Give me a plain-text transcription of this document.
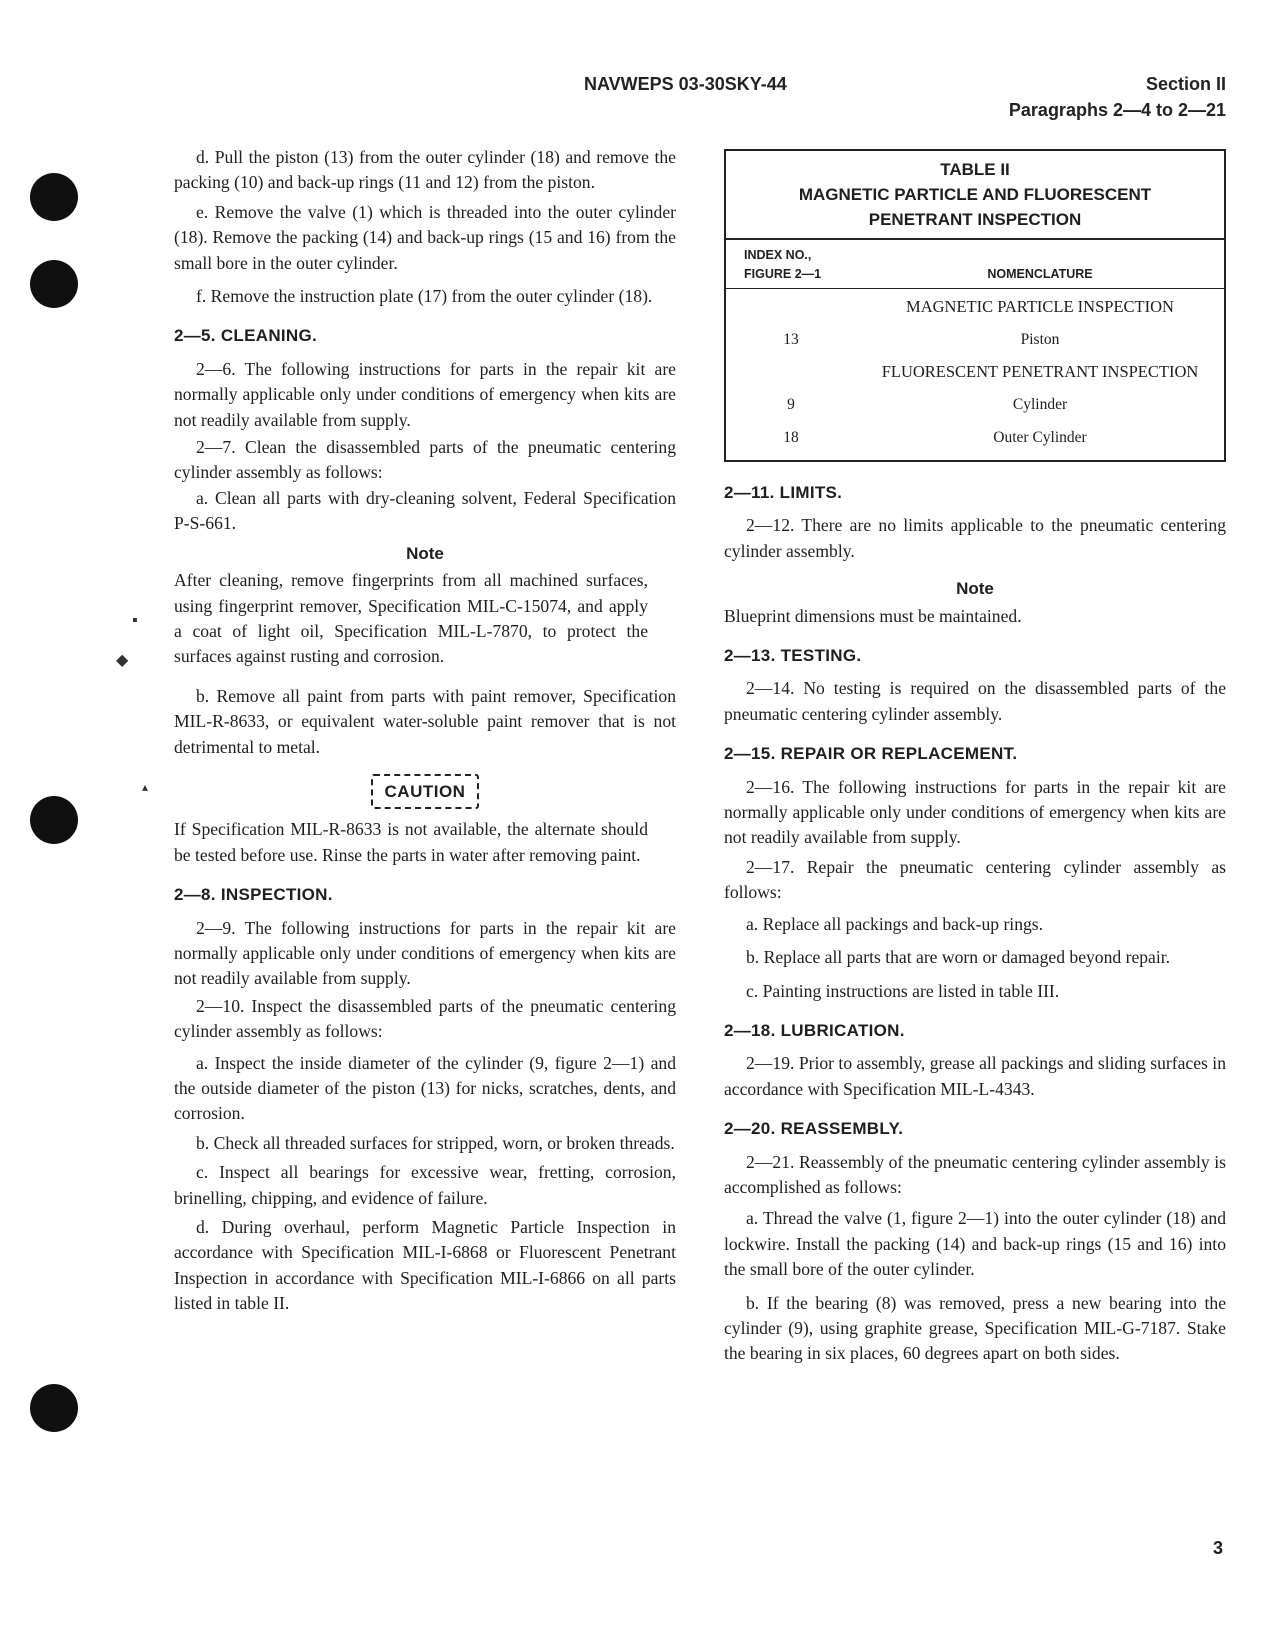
▪
◆
▴
NAVWEPS 03-30SKY-44	Section II
Paragraphs 2—4 to 2—21

d. Pull the piston (13) from the outer cylinder (18) and remove the packing (10) and back-up rings (11 and 12) from the piston.

e. Remove the valve (1) which is threaded into the outer cylinder (18). Remove the packing (14) and back-up rings (15 and 16) from the small bore in the outer cylinder.

f. Remove the instruction plate (17) from the outer cylinder (18).

2—5. CLEANING.

2—6. The following instructions for parts in the repair kit are normally applicable only under conditions of emergency when kits are not readily available from supply.

2—7. Clean the disassembled parts of the pneumatic centering cylinder assembly as follows:

a. Clean all parts with dry-cleaning solvent, Federal Specification P-S-661.

Note

After cleaning, remove fingerprints from all machined surfaces, using fingerprint remover, Specification MIL-C-15074, and apply a coat of light oil, Specification MIL-L-7870, to protect the surfaces against rusting and corrosion.

b. Remove all paint from parts with paint remover, Specification MIL-R-8633, or equivalent water-soluble paint remover that is not detrimental to metal.

CAUTION

If Specification MIL-R-8633 is not available, the alternate should be tested before use. Rinse the parts in water after removing paint.

2—8. INSPECTION.

2—9. The following instructions for parts in the repair kit are normally applicable only under conditions of emergency when kits are not readily available from supply.

2—10. Inspect the disassembled parts of the pneumatic centering cylinder assembly as follows:

a. Inspect the inside diameter of the cylinder (9, figure 2—1) and the outside diameter of the piston (13) for nicks, scratches, dents, and corrosion.

b. Check all threaded surfaces for stripped, worn, or broken threads.

c. Inspect all bearings for excessive wear, fretting, corrosion, brinelling, chipping, and evidence of failure.

d. During overhaul, perform Magnetic Particle Inspection in accordance with Specification MIL-I-6868 or Fluorescent Penetrant Inspection in accordance with Specification MIL-I-6866 on all parts listed in table II.

TABLE II
MAGNETIC PARTICLE AND FLUORESCENT
PENETRANT INSPECTION
INDEX NO.,
FIGURE 2—1	NOMENCLATURE
MAGNETIC PARTICLE INSPECTION
13	Piston
FLUORESCENT PENETRANT INSPECTION
9	Cylinder
18	Outer Cylinder
2—11. LIMITS.

2—12. There are no limits applicable to the pneumatic centering cylinder assembly.

Note

Blueprint dimensions must be maintained.

2—13. TESTING.

2—14. No testing is required on the disassembled parts of the pneumatic centering cylinder assembly.

2—15. REPAIR OR REPLACEMENT.

2—16. The following instructions for parts in the repair kit are normally applicable only under conditions of emergency when kits are not readily available from supply.

2—17. Repair the pneumatic centering cylinder assembly as follows:

a. Replace all packings and back-up rings.

b. Replace all parts that are worn or damaged beyond repair.

c. Painting instructions are listed in table III.

2—18. LUBRICATION.

2—19. Prior to assembly, grease all packings and sliding surfaces in accordance with Specification MIL-L-4343.

2—20. REASSEMBLY.

2—21. Reassembly of the pneumatic centering cylinder assembly is accomplished as follows:

a. Thread the valve (1, figure 2—1) into the outer cylinder (18) and lockwire. Install the packing (14) and back-up rings (15 and 16) into the small bore of the outer cylinder.

b. If the bearing (8) was removed, press a new bearing into the cylinder (9), using graphite grease, Specification MIL-G-7187. Stake the bearing in six places, 60 degrees apart on both sides.

3
